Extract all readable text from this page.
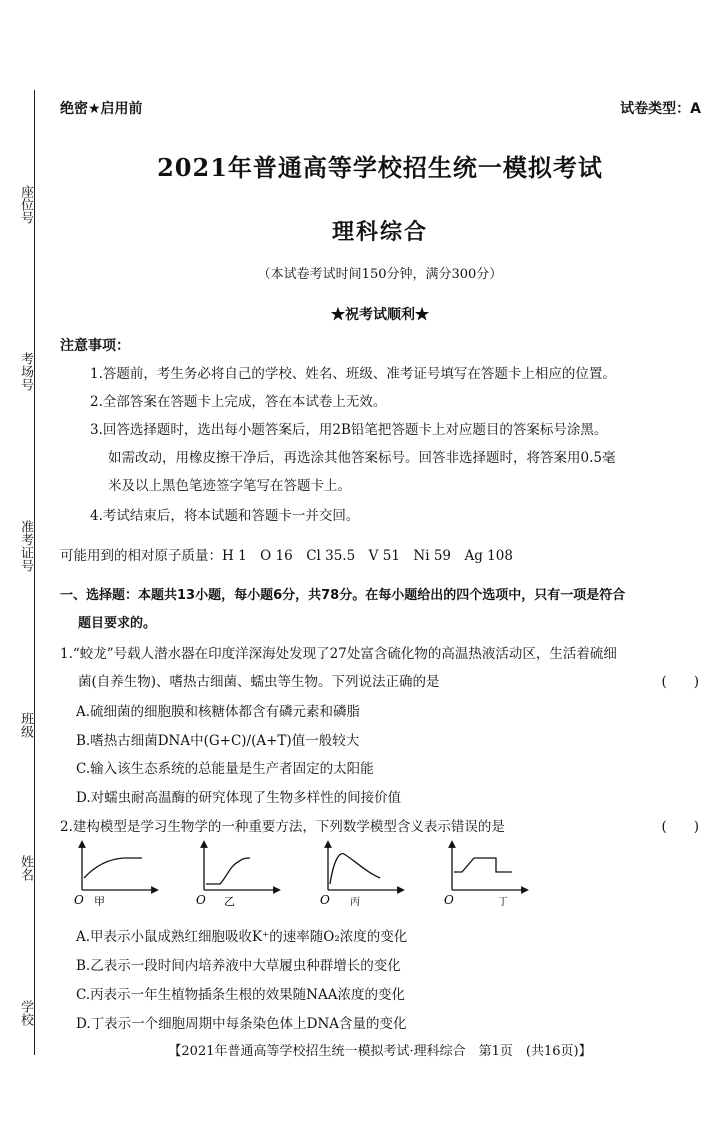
座位号
考场号
准考证号
班级
姓名
学校
绝密★启用前	试卷类型：A
2021年普通高等学校招生统一模拟考试
理科综合
（本试卷考试时间150分钟，满分300分）
★祝考试顺利★
注意事项：
1.答题前，考生务必将自己的学校、姓名、班级、准考证号填写在答题卡上相应的位置。
2.全部答案在答题卡上完成，答在本试卷上无效。
3.回答选择题时，选出每小题答案后，用2B铅笔把答题卡上对应题目的答案标号涂黑。
如需改动，用橡皮擦干净后，再选涂其他答案标号。回答非选择题时，将答案用0.5毫
米及以上黑色笔迹签字笔写在答题卡上。
4.考试结束后，将本试题和答题卡一并交回。
可能用到的相对原子质量：H 1　O 16　Cl 35.5　V 51　Ni 59　Ag 108
一、选择题：本题共13小题，每小题6分，共78分。在每小题给出的四个选项中，只有一项是符合
题目要求的。
1.“蛟龙”号载人潜水器在印度洋深海处发现了27处富含硫化物的高温热液活动区，生活着硫细
菌(自养生物)、嗜热古细菌、蠕虫等生物。下列说法正确的是	(　　)
A.硫细菌的细胞膜和核糖体都含有磷元素和磷脂
B.嗜热古细菌DNA中(G+C)/(A+T)值一般较大
C.输入该生态系统的总能量是生产者固定的太阳能
D.对蠕虫耐高温酶的研究体现了生物多样性的间接价值
2.建构模型是学习生物学的一种重要方法，下列数学模型含义表示错误的是	(　　)
O 甲	O 乙	O 丙	O	丁
A.甲表示小鼠成熟红细胞吸收K⁺的速率随O₂浓度的变化
B.乙表示一段时间内培养液中大草履虫种群增长的变化
C.丙表示一年生植物插条生根的效果随NAA浓度的变化
D.丁表示一个细胞周期中每条染色体上DNA含量的变化
【2021年普通高等学校招生统一模拟考试·理科综合　第1页　(共16页)】
